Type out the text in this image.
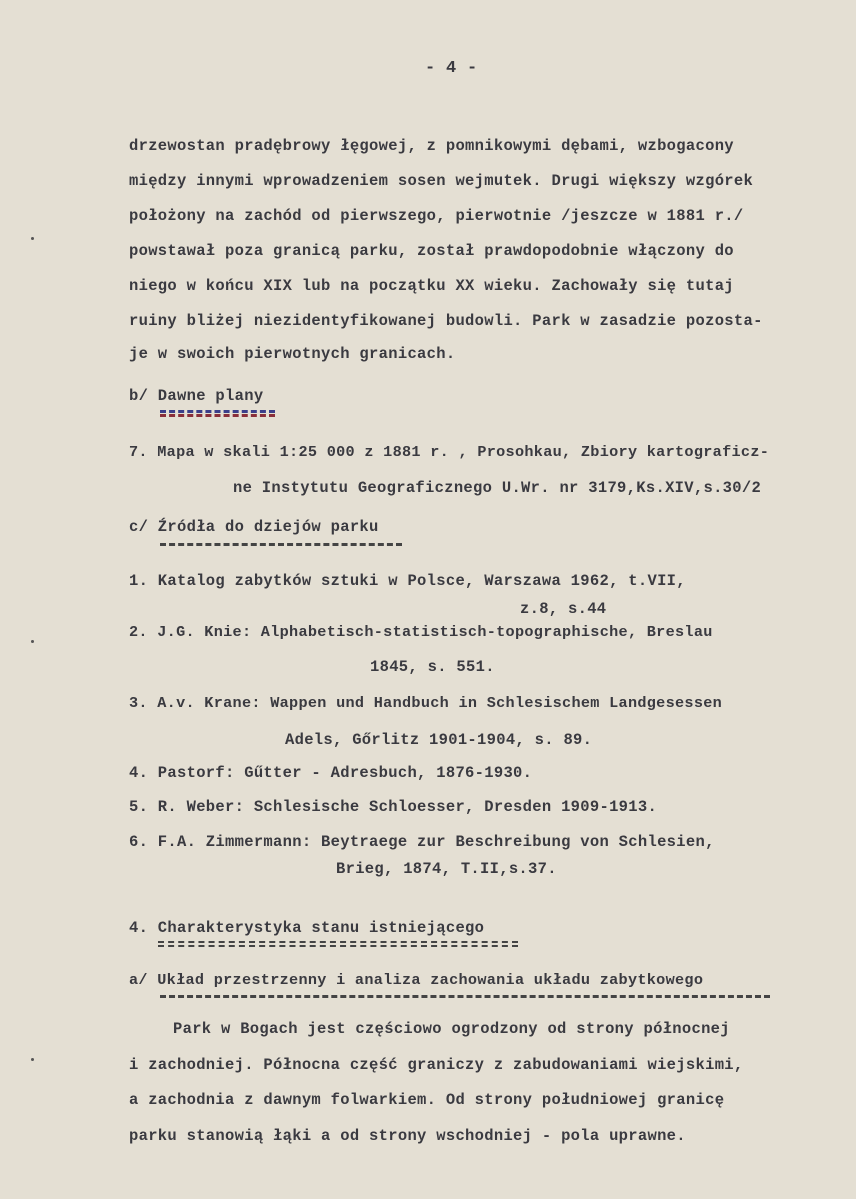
- 4 -
drzewostan pradębrowy łęgowej, z pomnikowymi dębami, wzbogacony
między innymi wprowadzeniem sosen wejmutek. Drugi większy wzgórek
położony na zachód od pierwszego, pierwotnie /jeszcze w 1881 r./
powstawał poza granicą parku, został prawdopodobnie włączony do
niego w końcu XIX lub na początku XX wieku. Zachowały się tutaj
ruiny bliżej niezidentyfikowanej budowli. Park w zasadzie pozosta-
je w swoich pierwotnych granicach.
b/ Dawne plany
7. Mapa w skali 1:25 000 z 1881 r. , Prosohkau, Zbiory kartograficz-
ne Instytutu Geograficznego U.Wr. nr 3179,Ks.XIV,s.30/2
c/ Źródła do dziejów parku
1. Katalog zabytków sztuki w Polsce, Warszawa 1962, t.VII,
z.8, s.44
2. J.G. Knie: Alphabetisch-statistisch-topographische, Breslau
1845, s. 551.
3. A.v. Krane: Wappen und Handbuch in Schlesischem Landgesessen
Adels, Gőrlitz 1901-1904, s. 89.
4. Pastorf: Gűtter - Adresbuch, 1876-1930.
5. R. Weber: Schlesische Schloesser, Dresden 1909-1913.
6. F.A. Zimmermann: Beytraege zur Beschreibung von Schlesien,
Brieg, 1874, T.II,s.37.
4. Charakterystyka stanu istniejącego
a/ Układ przestrzenny i analiza zachowania układu zabytkowego
Park w Bogach jest częściowo ogrodzony od strony północnej
i zachodniej. Północna część graniczy z zabudowaniami wiejskimi,
a zachodnia z dawnym folwarkiem. Od strony południowej granicę
parku stanowią łąki a od strony wschodniej - pola uprawne.
